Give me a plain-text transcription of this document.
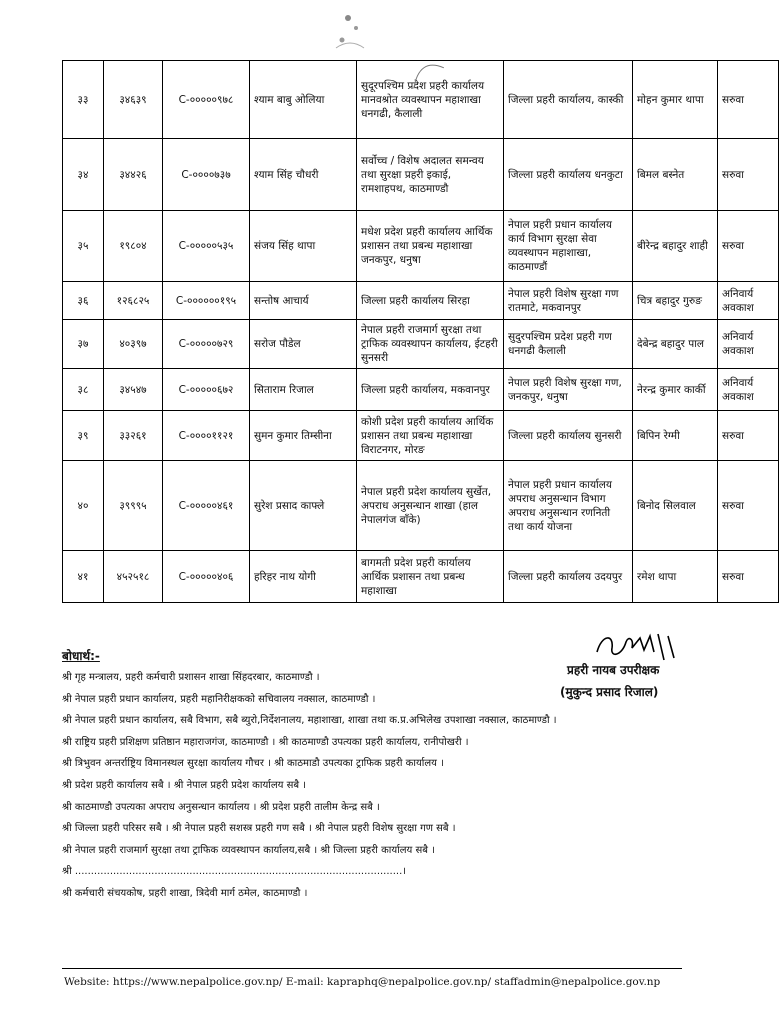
३३	३४६३९	C-०००००९७८	श्याम बाबु ओलिया	सुदूरपश्चिम प्रदेश प्रहरी कार्यालय मानवश्रोत व्यवस्थापन महाशाखा धनगढी, कैलाली	जिल्ला प्रहरी कार्यालय, कास्की	मोहन कुमार थापा	सरुवा
३४	३४४२६	C-००००७३७	श्याम सिंह चौधरी	सर्वोच्च / विशेष अदालत समन्वय तथा सुरक्षा प्रहरी इकाई, रामशाहपथ, काठमाण्डौ	जिल्ला प्रहरी कार्यालय धनकुटा	बिमल बस्नेत	सरुवा
३५	१९८०४	C-०००००५३५	संजय सिंह थापा	मधेश प्रदेश प्रहरी कार्यालय आर्थिक प्रशासन तथा प्रबन्ध महाशाखा जनकपुर, धनुषा	नेपाल प्रहरी प्रधान कार्यालय कार्य विभाग सुरक्षा सेवा व्यवस्थापन महाशाखा, काठमाण्डौं	बीरेन्द्र बहादुर शाही	सरुवा
३६	१२६८२५	C-००००००१९५	सन्तोष आचार्य	जिल्ला प्रहरी कार्यालय सिरहा	नेपाल प्रहरी विशेष सुरक्षा गण रातमाटे, मकवानपुर	चित्र बहादुर गुरुङ	अनिवार्य अवकाश
३७	४०३९७	C-०००००७२९	सरोज पौडेल	नेपाल प्रहरी राजमार्ग सुरक्षा तथा ट्राफिक व्यवस्थापन कार्यालय, ईटहरी सुनसरी	सुदुरपश्चिम प्रदेश प्रहरी गण धनगढी कैलाली	देबेन्द्र बहादुर पाल	अनिवार्य अवकाश
३८	३४५४७	C-०००००६७२	सिताराम रिजाल	जिल्ला प्रहरी कार्यालय, मकवानपुर	नेपाल प्रहरी विशेष सुरक्षा गण, जनकपुर, धनुषा	नेरन्द्र कुमार कार्की	अनिवार्य अवकाश
३९	३३२६१	C-००००११२१	सुमन कुमार तिम्सीना	कोशी प्रदेश प्रहरी कार्यालय आर्थिक प्रशासन तथा प्रबन्ध महाशाखा विराटनगर, मोरङ	जिल्ला प्रहरी कार्यालय सुनसरी	बिपिन रेग्मी	सरुवा
४०	३९९९५	C-०००००४६१	सुरेश प्रसाद काफ्ले	नेपाल प्रहरी प्रदेश कार्यालय सुर्खेत, अपराध अनुसन्धान शाखा (हाल नेपालगंज बाँके)	नेपाल प्रहरी प्रधान कार्यालय अपराध अनुसन्धान विभाग अपराध अनुसन्धान रणनिती तथा कार्य योजना	बिनोद सिलवाल	सरुवा
४१	४५२५१८	C-०००००४०६	हरिहर नाथ योगी	बागमती प्रदेश प्रहरी कार्यालय आर्थिक प्रशासन तथा प्रबन्ध महाशाखा	जिल्ला प्रहरी कार्यालय उदयपुर	रमेश थापा	सरुवा
बोधार्थ:-
प्रहरी नायब उपरीक्षक
(मुकुन्द प्रसाद रिजाल)
श्री गृह मन्त्रालय, प्रहरी कर्मचारी प्रशासन शाखा सिंहदरबार, काठमाण्डौ ।
श्री नेपाल प्रहरी प्रधान कार्यालय, प्रहरी महानिरीक्षकको सचिवालय नक्साल, काठमाण्डौ ।
श्री नेपाल प्रहरी प्रधान कार्यालय, सबै विभाग, सबै ब्युरो,निर्देशनालय, महाशाखा, शाखा तथा क.प्र.अभिलेख उपशाखा नक्साल, काठमाण्डौ ।
श्री राष्ट्रिय प्रहरी प्रशिक्षण प्रतिष्ठान महाराजगंज, काठमाण्डौ । श्री काठमाण्डौ उपत्यका प्रहरी कार्यालय, रानीपोखरी ।
श्री त्रिभुवन अन्तर्राष्ट्रिय विमानस्थल सुरक्षा कार्यालय गौचर । श्री काठमाडौ उपत्यका ट्राफिक प्रहरी कार्यालय ।
श्री प्रदेश प्रहरी कार्यालय सबै । श्री नेपाल प्रहरी प्रदेश कार्यालय सबै ।
श्री काठमाण्डौ उपत्यका अपराध अनुसन्धान कार्यालय । श्री प्रदेश प्रहरी तालीम केन्द्र सबै ।
श्री जिल्ला प्रहरी परिसर सबै । श्री नेपाल प्रहरी सशस्त्र प्रहरी गण सबै । श्री नेपाल प्रहरी विशेष सुरक्षा गण सबै ।
श्री नेपाल प्रहरी राजमार्ग सुरक्षा तथा ट्राफिक व्यवस्थापन कार्यालय,सबै । श्री जिल्ला प्रहरी कार्यालय सबै ।
श्री .......................................................................................................।
श्री कर्मचारी संचयकोष, प्रहरी शाखा, त्रिदेवी मार्ग ठमेल, काठमाण्डौ ।
Website: https://www.nepalpolice.gov.np/ E-mail: kapraphq@nepalpolice.gov.np/ staffadmin@nepalpolice.gov.np
